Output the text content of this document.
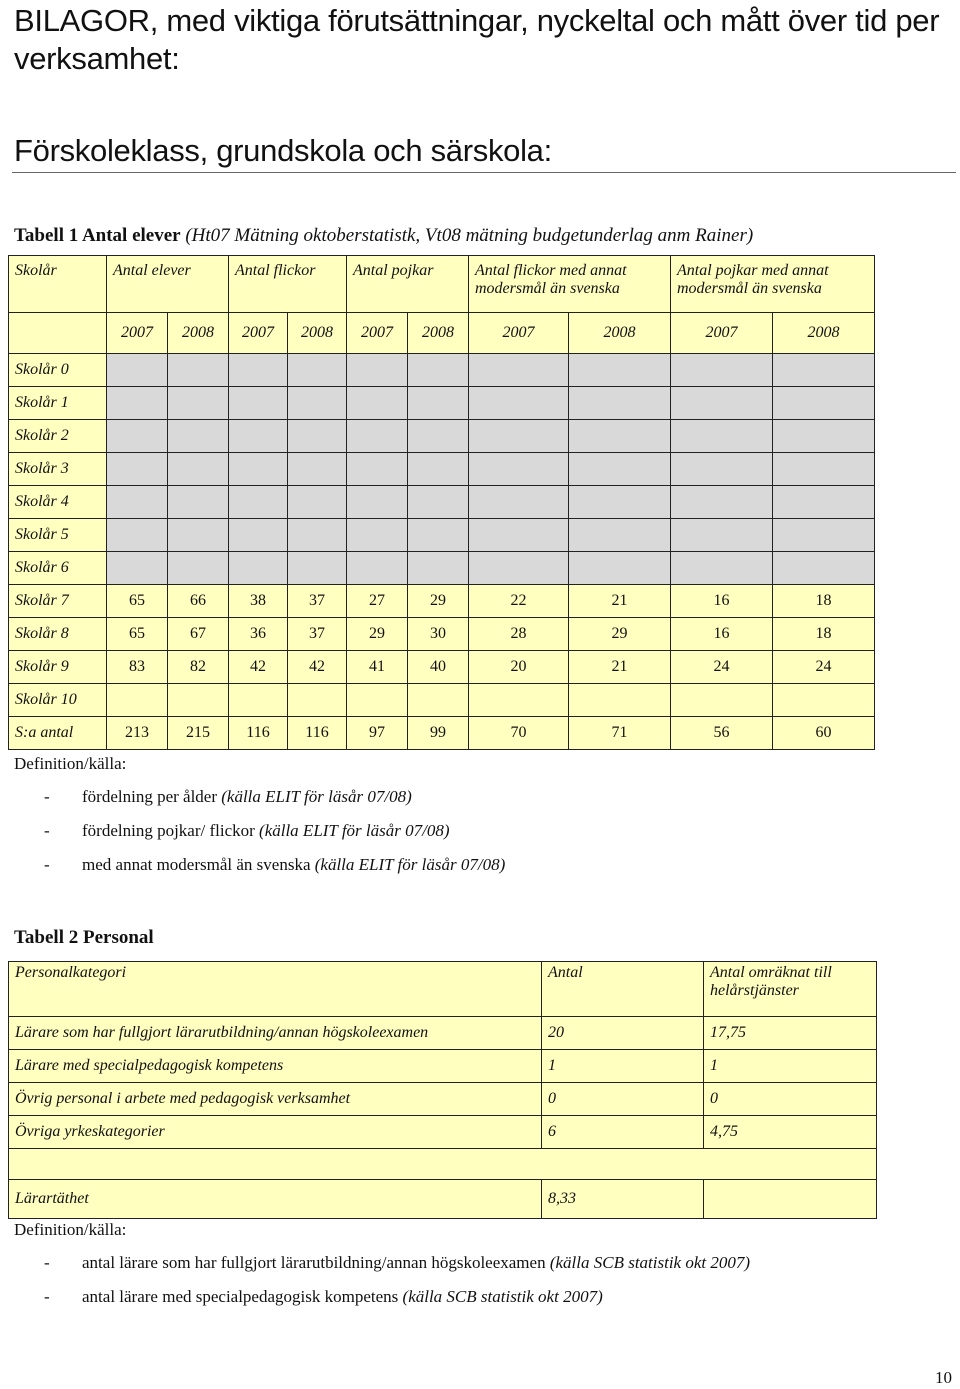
BILAGOR, med viktiga förutsättningar, nyckeltal och mått över tid per verksamhet:
Förskoleklass, grundskola och särskola:
Tabell 1 Antal elever (Ht07 Mätning oktoberstatistk, Vt08 mätning budgetunderlag anm Rainer)
Skolår	Antal elever		Antal flickor		Antal pojkar		Antal flickor med annat modersmål än svenska		Antal pojkar med annat modersmål än svenska	
	2007	2008	2007	2008	2007	2008	2007	2008	2007	2008
Skolår 0										
Skolår 1										
Skolår 2										
Skolår 3										
Skolår 4										
Skolår 5										
Skolår 6										
Skolår 7	65	66	38	37	27	29	22	21	16	18
Skolår 8	65	67	36	37	29	30	28	29	16	18
Skolår 9	83	82	42	42	41	40	20	21	24	24
Skolår 10										
S:a antal	213	215	116	116	97	99	70	71	56	60
Definition/källa:
- fördelning per ålder (källa ELIT för läsår 07/08)
- fördelning pojkar/ flickor (källa ELIT för läsår 07/08)
- med annat modersmål än svenska (källa ELIT för läsår 07/08)
Tabell 2 Personal
Personalkategori	Antal	Antal omräknat till helårstjänster
Lärare som har fullgjort lärarutbildning/annan högskoleexamen	20	17,75
Lärare med specialpedagogisk kompetens	1	1
Övrig personal i arbete med pedagogisk verksamhet	0	0
Övriga yrkeskategorier	6	4,75

Lärartäthet	8,33	
Definition/källa:
- antal lärare som har fullgjort lärarutbildning/annan högskoleexamen (källa SCB statistik okt 2007)
- antal lärare med specialpedagogisk kompetens (källa SCB statistik okt 2007)
10
